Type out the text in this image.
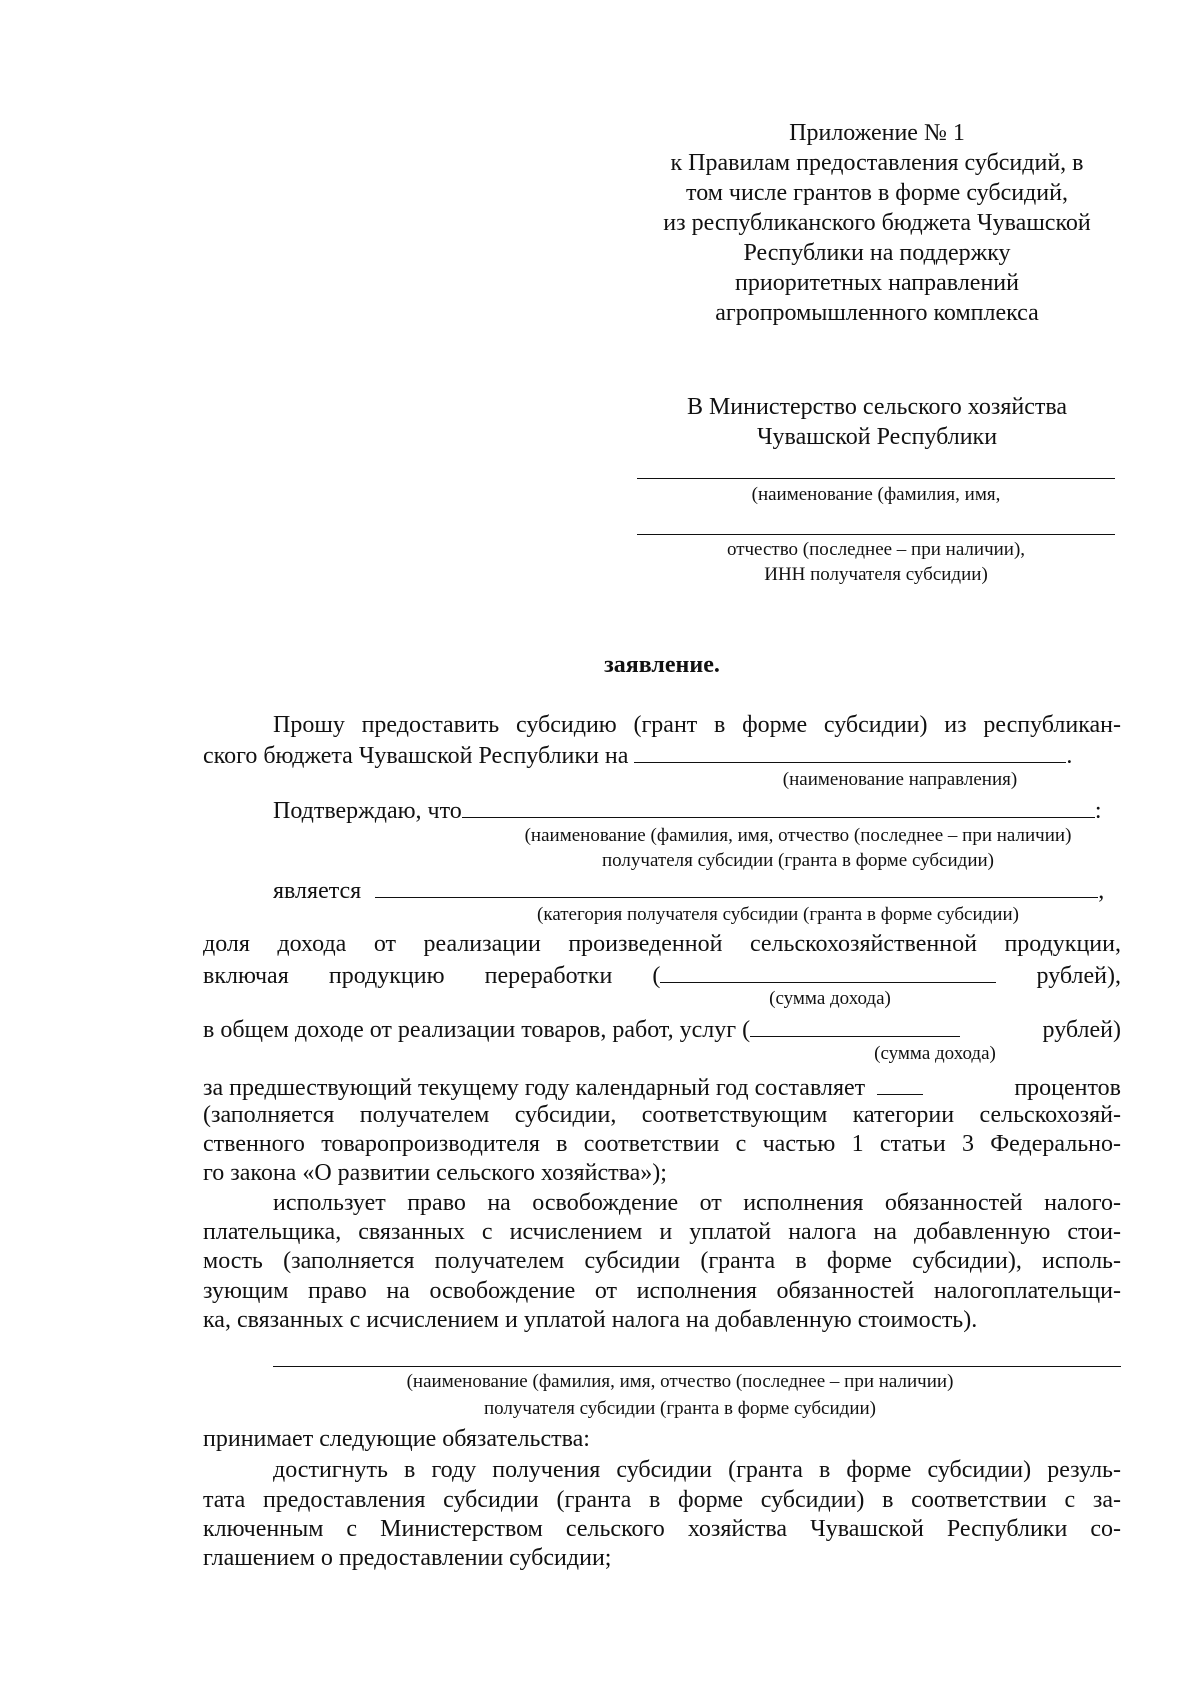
Приложение № 1
к Правилам предоставления субсидий, в
том числе грантов в форме субсидий,
из республиканского бюджета Чувашской
Республики на поддержку
приоритетных направлений
агропромышленного комплекса
В Министерство сельского хозяйства
Чувашской Республики
(наименование (фамилия, имя,
отчество (последнее – при наличии),
ИНН получателя субсидии)
заявление.
Прошу предоставить субсидию (грант в форме субсидии) из республикан-
ского бюджета Чувашской Республики на	.
(наименование направления)
Подтверждаю, что	:
(наименование (фамилия, имя, отчество (последнее – при наличии)
получателя субсидии (гранта в форме субсидии)
является	,
(категория получателя субсидии (гранта в форме субсидии)
доля дохода от реализации произведенной сельскохозяйственной продукции,
включая продукцию переработки (	рублей),
(сумма дохода)
в общем доходе от реализации товаров, работ, услуг (	рублей)
(сумма дохода)
за предшествующий текущему году календарный год составляет	процентов
(заполняется получателем субсидии, соответствующим категории сельскохозяй-
ственного товаропроизводителя в соответствии с частью 1 статьи 3 Федерально-
го закона «О развитии сельского хозяйства»);
использует право на освобождение от исполнения обязанностей налого-
плательщика, связанных с исчислением и уплатой налога на добавленную стои-
мость (заполняется получателем субсидии (гранта в форме субсидии), исполь-
зующим право на освобождение от исполнения обязанностей налогоплательщи-
ка, связанных с исчислением и уплатой налога на добавленную стоимость).
(наименование (фамилия, имя, отчество (последнее – при наличии)
получателя субсидии (гранта в форме субсидии)
принимает следующие обязательства:
достигнуть в году получения субсидии (гранта в форме субсидии) резуль-
тата предоставления субсидии (гранта в форме субсидии) в соответствии с за-
ключенным с Министерством сельского хозяйства Чувашской Республики со-
глашением о предоставлении субсидии;
